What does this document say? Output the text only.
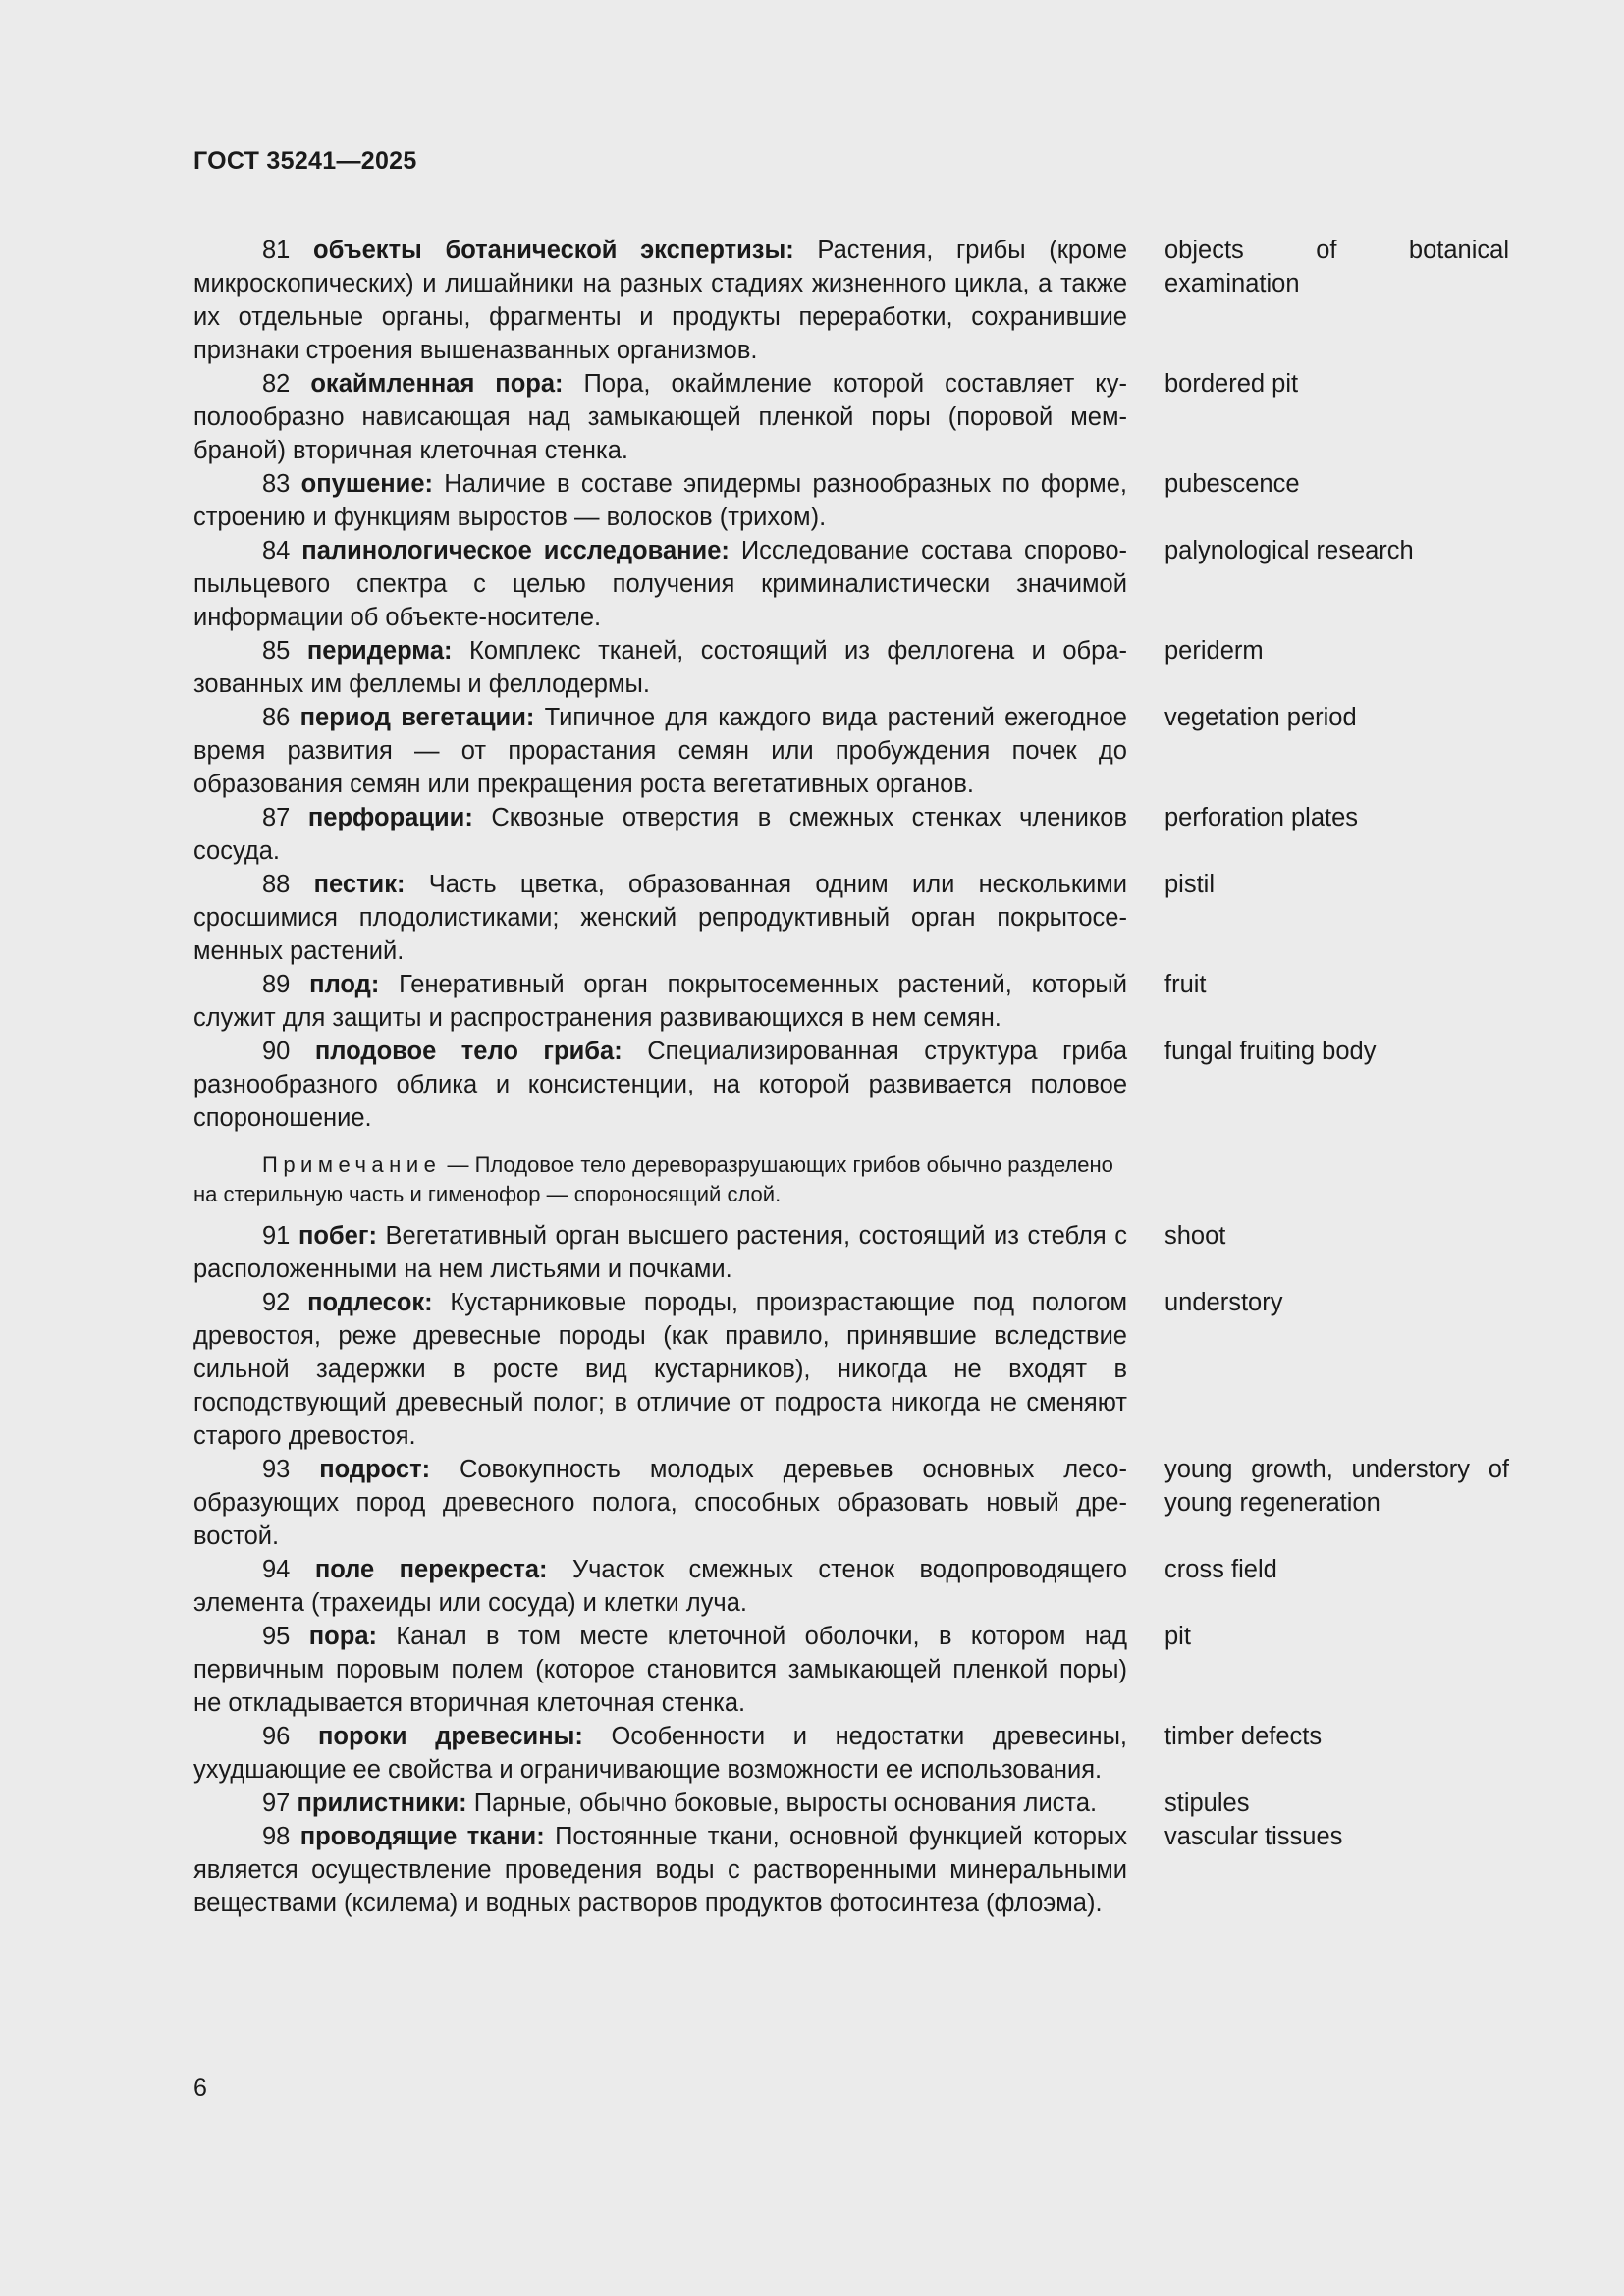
ГОСТ 35241—2025
81 объекты ботанической экспертизы: Растения, грибы (кроме микроскопических) и лишайники на разных стадиях жизненного цикла, а также их отдельные органы, фрагменты и продукты переработки, сохранившие признаки строения вышеназванных организмов.
objects of botanical examination
82 окаймленная пора: Пора, окаймление которой составляет куполообразно нависающая над замыкающей пленкой поры (поровой мембраной) вторичная клеточная стенка.
bordered pit
83 опушение: Наличие в составе эпидермы разнообразных по форме, строению и функциям выростов — волосков (трихом).
pubescence
84 палинологическое исследование: Исследование состава спорово-пыльцевого спектра с целью получения криминалистически значимой информации об объекте-носителе.
palynological research
85 перидерма: Комплекс тканей, состоящий из феллогена и образованных им феллемы и феллодермы.
periderm
86 период вегетации: Типичное для каждого вида растений ежегодное время развития — от прорастания семян или пробуждения почек до образования семян или прекращения роста вегетативных органов.
vegetation period
87 перфорации: Сквозные отверстия в смежных стенках члеников сосуда.
perforation plates
88 пестик: Часть цветка, образованная одним или несколькими сросшимися плодолистиками; женский репродуктивный орган покрытосеменных растений.
pistil
89 плод: Генеративный орган покрытосеменных растений, который служит для защиты и распространения развивающихся в нем семян.
fruit
90 плодовое тело гриба: Специализированная структура гриба разнообразного облика и консистенции, на которой развивается половое спороношение.
fungal fruiting body
Примечание — Плодовое тело дереворазрушающих грибов обычно разделено на стерильную часть и гименофор — спороносящий слой.
91 побег: Вегетативный орган высшего растения, состоящий из стебля с расположенными на нем листьями и почками.
shoot
92 подлесок: Кустарниковые породы, произрастающие под пологом древостоя, реже древесные породы (как правило, принявшие вследствие сильной задержки в росте вид кустарников), никогда не входят в господствующий древесный полог; в отличие от подроста никогда не сменяют старого древостоя.
understory
93 подрост: Совокупность молодых деревьев основных лесообразующих пород древесного полога, способных образовать новый древостой.
young growth, understory of young regeneration
94 поле перекреста: Участок смежных стенок водопроводящего элемента (трахеиды или сосуда) и клетки луча.
cross field
95 пора: Канал в том месте клеточной оболочки, в котором над первичным поровым полем (которое становится замыкающей пленкой поры) не откладывается вторичная клеточная стенка.
pit
96 пороки древесины: Особенности и недостатки древесины, ухудшающие ее свойства и ограничивающие возможности ее использования.
timber defects
97 прилистники: Парные, обычно боковые, выросты основания листа.	stipules
98 проводящие ткани: Постоянные ткани, основной функцией которых является осуществление проведения воды с растворенными минеральными веществами (ксилема) и водных растворов продуктов фотосинтеза (флоэма).
vascular tissues
6
